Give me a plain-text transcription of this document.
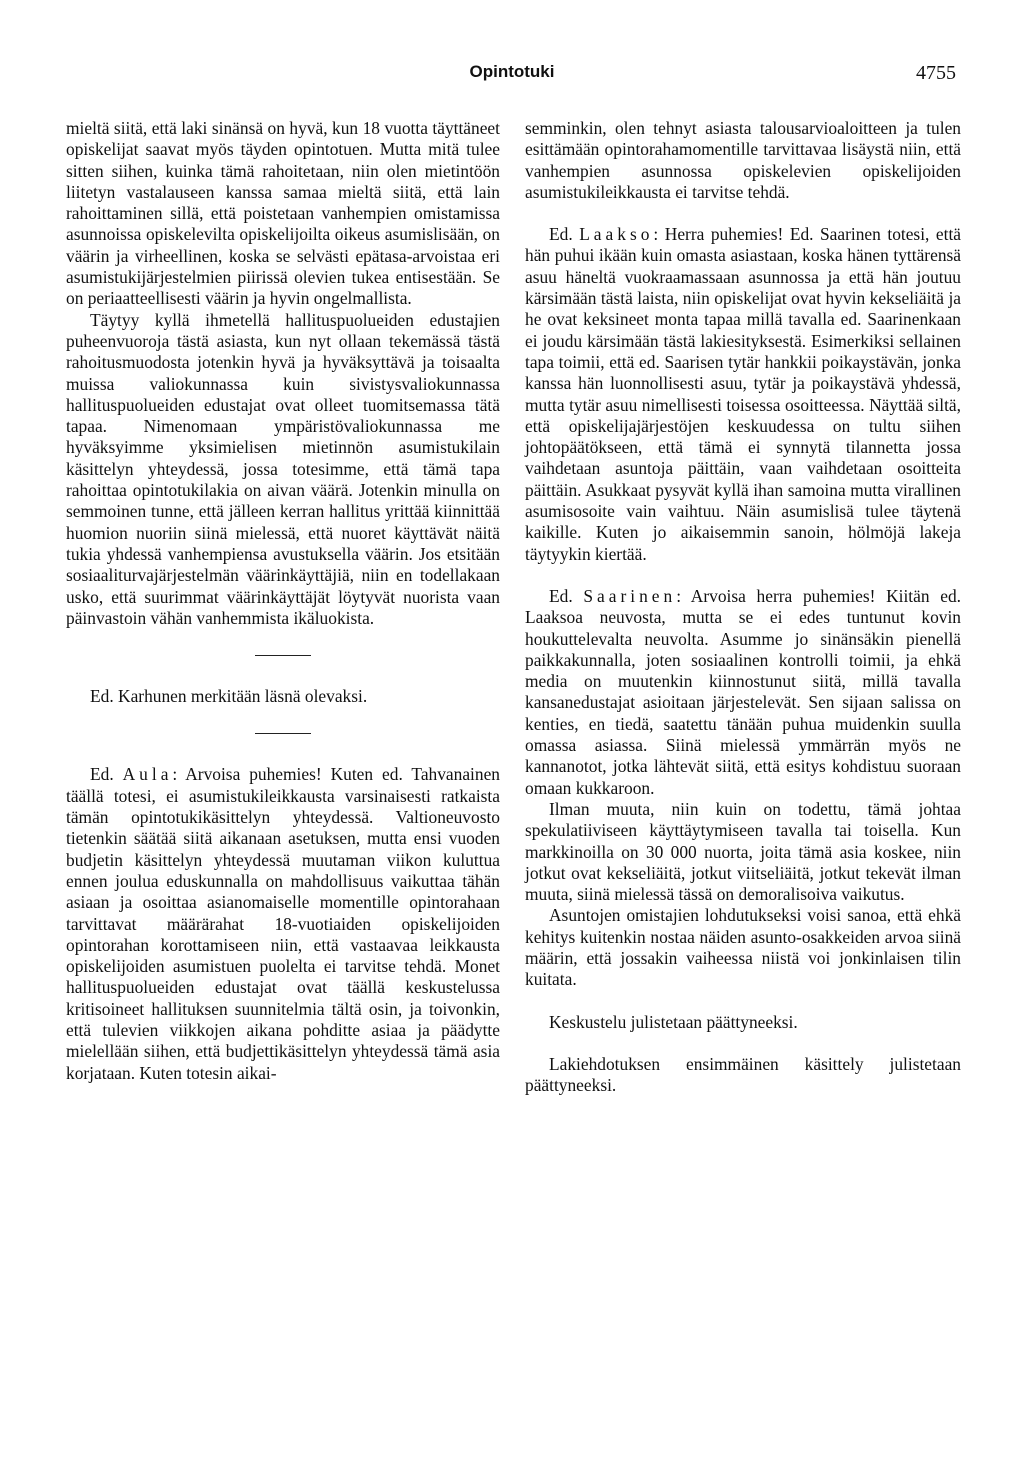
Opintotuki	4755

mieltä siitä, että laki sinänsä on hyvä, kun 18 vuotta täyttäneet opiskelijat saavat myös täyden opintotuen. Mutta mitä tulee sitten siihen, kuinka tämä rahoitetaan, niin olen mietintöön liitetyn vastalauseen kanssa samaa mieltä siitä, että lain rahoittaminen sillä, että poistetaan vanhempien omistamissa asunnoissa opiskelevilta opiskelijoilta oikeus asumislisään, on väärin ja virheellinen, koska se selvästi epätasa-arvoistaa eri asumistukijärjestelmien piirissä olevien tukea entisestään. Se on periaatteellisesti väärin ja hyvin ongelmallista.

Täytyy kyllä ihmetellä hallituspuolueiden edustajien puheenvuoroja tästä asiasta, kun nyt ollaan tekemässä tästä rahoitusmuodosta jotenkin hyvä ja hyväksyttävä ja toisaalta muissa valiokunnassa kuin sivistysvaliokunnassa hallituspuolueiden edustajat ovat olleet tuomitsemassa tätä tapaa. Nimenomaan ympäristövaliokunnassa me hyväksyimme yksimielisen mietinnön asumistukilain käsittelyn yhteydessä, jossa totesimme, että tämä tapa rahoittaa opintotukilakia on aivan väärä. Jotenkin minulla on semmoinen tunne, että jälleen kerran hallitus yrittää kiinnittää huomion nuoriin siinä mielessä, että nuoret käyttävät näitä tukia yhdessä vanhempiensa avustuksella väärin. Jos etsitään sosiaaliturvajärjestelmän väärinkäyttäjiä, niin en todellakaan usko, että suurimmat väärinkäyttäjät löytyvät nuorista vaan päinvastoin vähän vanhemmista ikäluokista.

Ed. Karhunen merkitään läsnä olevaksi.

Ed. Aula: Arvoisa puhemies! Kuten ed. Tahvanainen täällä totesi, ei asumistukileikkausta varsinaisesti ratkaista tämän opintotukikäsittelyn yhteydessä. Valtioneuvosto tietenkin säätää siitä aikanaan asetuksen, mutta ensi vuoden budjetin käsittelyn yhteydessä muutaman viikon kuluttua ennen joulua eduskunnalla on mahdollisuus vaikuttaa tähän asiaan ja osoittaa asianomaiselle momentille opintorahaan tarvittavat määrärahat 18-vuotiaiden opiskelijoiden opintorahan korottamiseen niin, että vastaavaa leikkausta opiskelijoiden asumistuen puolelta ei tarvitse tehdä. Monet hallituspuolueiden edustajat ovat täällä keskustelussa kritisoineet hallituksen suunnitelmia tältä osin, ja toivonkin, että tulevien viikkojen aikana pohditte asiaa ja päädytte mielellään siihen, että budjettikäsittelyn yhteydessä tämä asia korjataan. Kuten totesin aikai-

semminkin, olen tehnyt asiasta talousarvioaloitteen ja tulen esittämään opintorahamomentille tarvittavaa lisäystä niin, että vanhempien asunnossa opiskelevien opiskelijoiden asumistukileikkausta ei tarvitse tehdä.

Ed. Laakso: Herra puhemies! Ed. Saarinen totesi, että hän puhui ikään kuin omasta asiastaan, koska hänen tyttärensä asuu häneltä vuokraamassaan asunnossa ja että hän joutuu kärsimään tästä laista, niin opiskelijat ovat hyvin kekseliäitä ja he ovat keksineet monta tapaa millä tavalla ed. Saarinenkaan ei joudu kärsimään tästä lakiesityksestä. Esimerkiksi sellainen tapa toimii, että ed. Saarisen tytär hankkii poikaystävän, jonka kanssa hän luonnollisesti asuu, tytär ja poikaystävä yhdessä, mutta tytär asuu nimellisesti toisessa osoitteessa. Näyttää siltä, että opiskelijajärjestöjen keskuudessa on tultu siihen johtopäätökseen, että tämä ei synnytä tilannetta jossa vaihdetaan asuntoja päittäin, vaan vaihdetaan osoitteita päittäin. Asukkaat pysyvät kyllä ihan samoina mutta virallinen asumisosoite vain vaihtuu. Näin asumislisä tulee täytenä kaikille. Kuten jo aikaisemmin sanoin, hölmöjä lakeja täytyykin kiertää.

Ed. Saarinen: Arvoisa herra puhemies! Kiitän ed. Laaksoa neuvosta, mutta se ei edes tuntunut kovin houkuttelevalta neuvolta. Asumme jo sinänsäkin pienellä paikkakunnalla, joten sosiaalinen kontrolli toimii, ja ehkä media on muutenkin kiinnostunut siitä, millä tavalla kansanedustajat asioitaan järjestelevät. Sen sijaan salissa on kenties, en tiedä, saatettu tänään puhua muidenkin suulla omassa asiassa. Siinä mielessä ymmärrän myös ne kannanotot, jotka lähtevät siitä, että esitys kohdistuu suoraan omaan kukkaroon.

Ilman muuta, niin kuin on todettu, tämä johtaa spekulatiiviseen käyttäytymiseen tavalla tai toisella. Kun markkinoilla on 30 000 nuorta, joita tämä asia koskee, niin jotkut ovat kekseliäitä, jotkut viitseliäitä, jotkut tekevät ilman muuta, siinä mielessä tässä on demoralisoiva vaikutus.

Asuntojen omistajien lohdutukseksi voisi sanoa, että ehkä kehitys kuitenkin nostaa näiden asunto-osakkeiden arvoa siinä määrin, että jossakin vaiheessa niistä voi jonkinlaisen tilin kuitata.

Keskustelu julistetaan päättyneeksi.

Lakiehdotuksen ensimmäinen käsittely julistetaan päättyneeksi.
